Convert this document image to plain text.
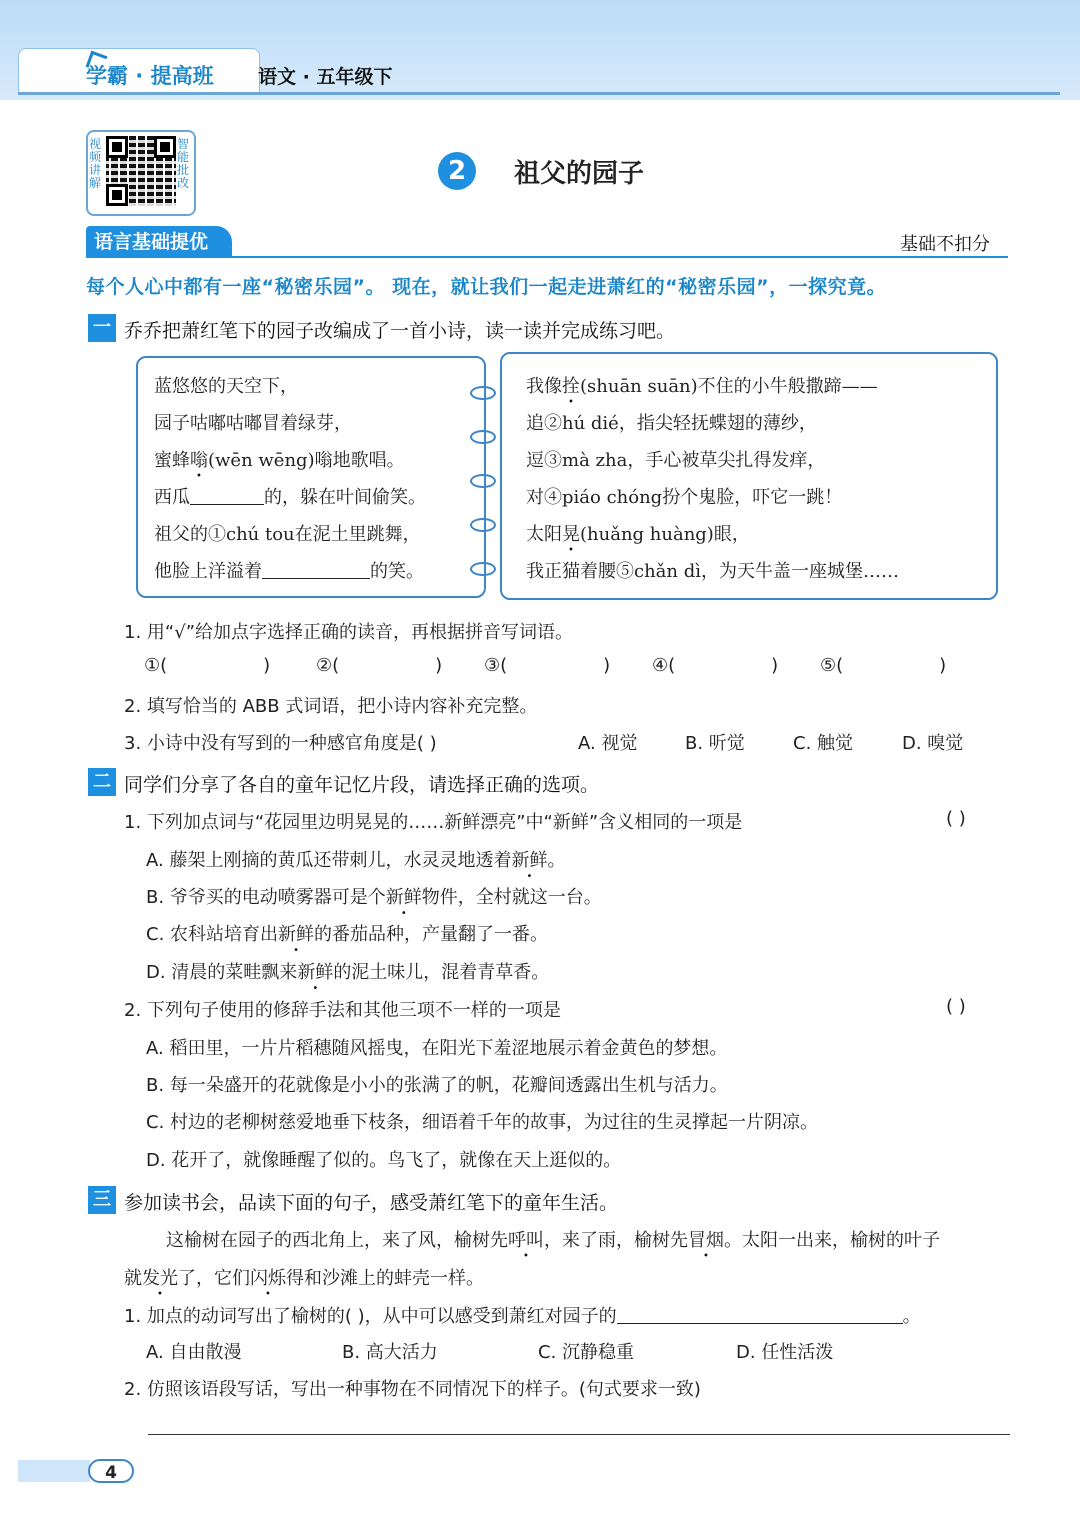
学霸 · 提高班 语文 · 五年级下
视频讲解
智能批改	2	祖父的园子
语言基础提优	基础不扣分
每个人心中都有一座“秘密乐园”。 现在，就让我们一起走进萧红的“秘密乐园”，一探究竟。
一 乔乔把萧红笔下的园子改编成了一首小诗，读一读并完成练习吧。
蓝悠悠的天空下，
园子咕嘟咕嘟冒着绿芽，
蜜蜂嗡(wēn wēng)嗡地歌唱。
西瓜	的，躲在叶间偷笑。
祖父的①chú tou在泥土里跳舞，
他脸上洋溢着	的笑。
我像拴(shuān suān)不住的小牛般撒蹄——
追②hú dié，指尖轻抚蝶翅的薄纱，
逗③mà zha，手心被草尖扎得发痒，
对④piáo chóng扮个鬼脸，吓它一跳！
太阳晃(huǎng huàng)眼，
我正猫着腰⑤chǎn dì，为天牛盖一座城堡……
1. 用“√”给加点字选择正确的读音，再根据拼音写词语。
①(	)	②(	) ③(	) ④(	) ⑤(	)
2. 填写恰当的 ABB 式词语，把小诗内容补充完整。
3. 小诗中没有写到的一种感官角度是( )	A. 视觉	B. 听觉	C. 触觉	D. 嗅觉
二 同学们分享了各自的童年记忆片段，请选择正确的选项。
1. 下列加点词与“花园里边明晃晃的……新鲜漂亮”中“新鲜”含义相同的一项是	( )
A. 藤架上刚摘的黄瓜还带刺儿，水灵灵地透着新鲜。
B. 爷爷买的电动喷雾器可是个新鲜物件，全村就这一台。
C. 农科站培育出新鲜的番茄品种，产量翻了一番。
D. 清晨的菜畦飘来新鲜的泥土味儿，混着青草香。
2. 下列句子使用的修辞手法和其他三项不一样的一项是	( )
A. 稻田里，一片片稻穗随风摇曳，在阳光下羞涩地展示着金黄色的梦想。
B. 每一朵盛开的花就像是小小的张满了的帆，花瓣间透露出生机与活力。
C. 村边的老柳树慈爱地垂下枝条，细语着千年的故事，为过往的生灵撑起一片阴凉。
D. 花开了，就像睡醒了似的。鸟飞了，就像在天上逛似的。
三 参加读书会，品读下面的句子，感受萧红笔下的童年生活。
这榆树在园子的西北角上，来了风，榆树先呼叫，来了雨，榆树先冒烟。太阳一出来，榆树的叶子
就发光了，它们闪烁得和沙滩上的蚌壳一样。
1. 加点的动词写出了榆树的( )，从中可以感受到萧红对园子的	。
A. 自由散漫	B. 高大活力	C. 沉静稳重	D. 任性活泼
2. 仿照该语段写话，写出一种事物在不同情况下的样子。(句式要求一致)
4
